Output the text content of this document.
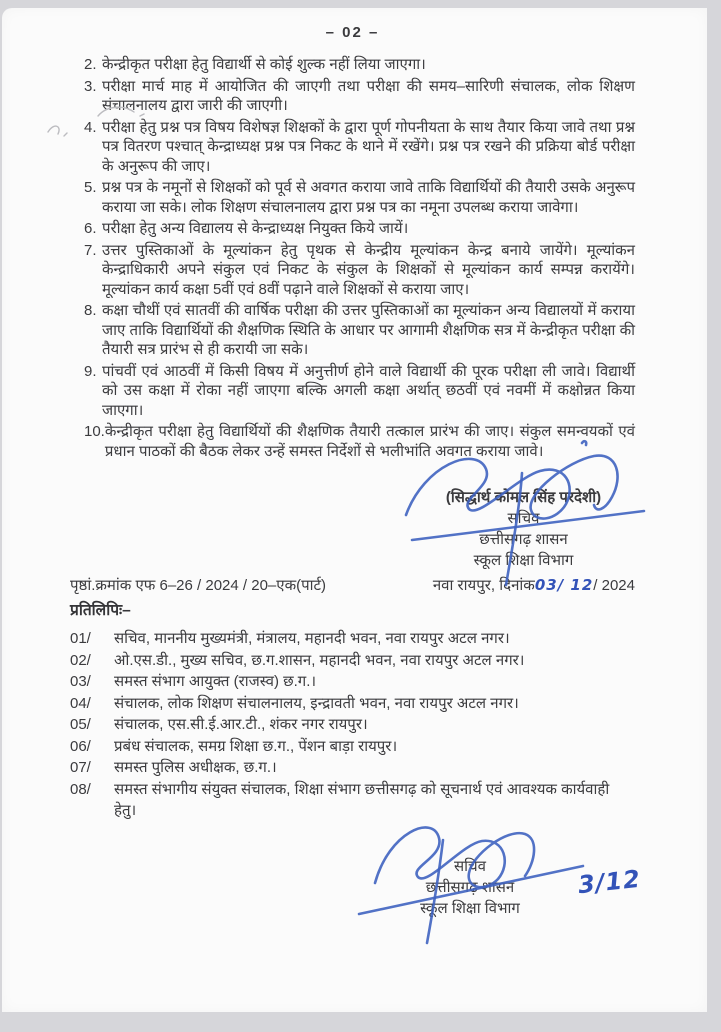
– 02 –
2. केन्द्रीकृत परीक्षा हेतु विद्यार्थी से कोई शुल्क नहीं लिया जाएगा।
3. परीक्षा मार्च माह में आयोजित की जाएगी तथा परीक्षा की समय–सारिणी संचालक, लोक शिक्षण संचालनालय द्वारा जारी की जाएगी।
4. परीक्षा हेतु प्रश्न पत्र विषय विशेषज्ञ शिक्षकों के द्वारा पूर्ण गोपनीयता के साथ तैयार किया जावे तथा प्रश्न पत्र वितरण पश्चात् केन्द्राध्यक्ष प्रश्न पत्र निकट के थाने में रखेंगे। प्रश्न पत्र रखने की प्रक्रिया बोर्ड परीक्षा के अनुरूप की जाए।
5. प्रश्न पत्र के नमूनों से शिक्षकों को पूर्व से अवगत कराया जावे ताकि विद्यार्थियों की तैयारी उसके अनुरूप कराया जा सके। लोक शिक्षण संचालनालय द्वारा प्रश्न पत्र का नमूना उपलब्ध कराया जावेगा।
6. परीक्षा हेतु अन्य विद्यालय से केन्द्राध्यक्ष नियुक्त किये जायें।
7. उत्तर पुस्तिकाओं के मूल्यांकन हेतु पृथक से केन्द्रीय मूल्यांकन केन्द्र बनाये जायेंगे। मूल्यांकन केन्द्राधिकारी अपने संकुल एवं निकट के संकुल के शिक्षकों से मूल्यांकन कार्य सम्पन्न करायेंगे। मूल्यांकन कार्य कक्षा 5वीं एवं 8वीं पढ़ाने वाले शिक्षकों से कराया जाए।
8. कक्षा चौथीं एवं सातवीं की वार्षिक परीक्षा की उत्तर पुस्तिकाओं का मूल्यांकन अन्य विद्यालयों में कराया जाए ताकि विद्यार्थियों की शैक्षणिक स्थिति के आधार पर आगामी शैक्षणिक सत्र में केन्द्रीकृत परीक्षा की तैयारी सत्र प्रारंभ से ही करायी जा सके।
9. पांचवीं एवं आठवीं में किसी विषय में अनुत्तीर्ण होने वाले विद्यार्थी की पूरक परीक्षा ली जावे। विद्यार्थी को उस कक्षा में रोका नहीं जाएगा बल्कि अगली कक्षा अर्थात् छठवीं एवं नवमीं में कक्षोन्नत किया जाएगा।
10. केन्द्रीकृत परीक्षा हेतु विद्यार्थियों की शैक्षणिक तैयारी तत्काल प्रारंभ की जाए। संकुल समन्वयकों एवं प्रधान पाठकों की बैठक लेकर उन्हें समस्त निर्देशों से भलीभांति अवगत कराया जावे।
(सिद्धार्थ कोमल सिंह परदेशी)
सचिव
छत्तीसगढ़ शासन
स्कूल शिक्षा विभाग
पृष्ठां.क्रमांक एफ 6–26 / 2024 / 20–एक(पार्ट)	नवा रायपुर, दिनांक03/ 12/ 2024
प्रतिलिपिः–
01/	सचिव, माननीय मुख्यमंत्री, मंत्रालय, महानदी भवन, नवा रायपुर अटल नगर।
02/	ओ.एस.डी., मुख्य सचिव, छ.ग.शासन, महानदी भवन, नवा रायपुर अटल नगर।
03/	समस्त संभाग आयुक्त (राजस्व) छ.ग.।
04/	संचालक, लोक शिक्षण संचालनालय, इन्द्रावती भवन, नवा रायपुर अटल नगर।
05/	संचालक, एस.सी.ई.आर.टी., शंकर नगर रायपुर।
06/	प्रबंध संचालक, समग्र शिक्षा छ.ग., पेंशन बाड़ा रायपुर।
07/	समस्त पुलिस अधीक्षक, छ.ग.।
08/	समस्त संभागीय संयुक्त संचालक, शिक्षा संभाग छत्तीसगढ़ को सूचनार्थ एवं आवश्यक कार्यवाही हेतु।
सचिव
छत्तीसगढ़ शासन
स्कूल शिक्षा विभाग
3/12
